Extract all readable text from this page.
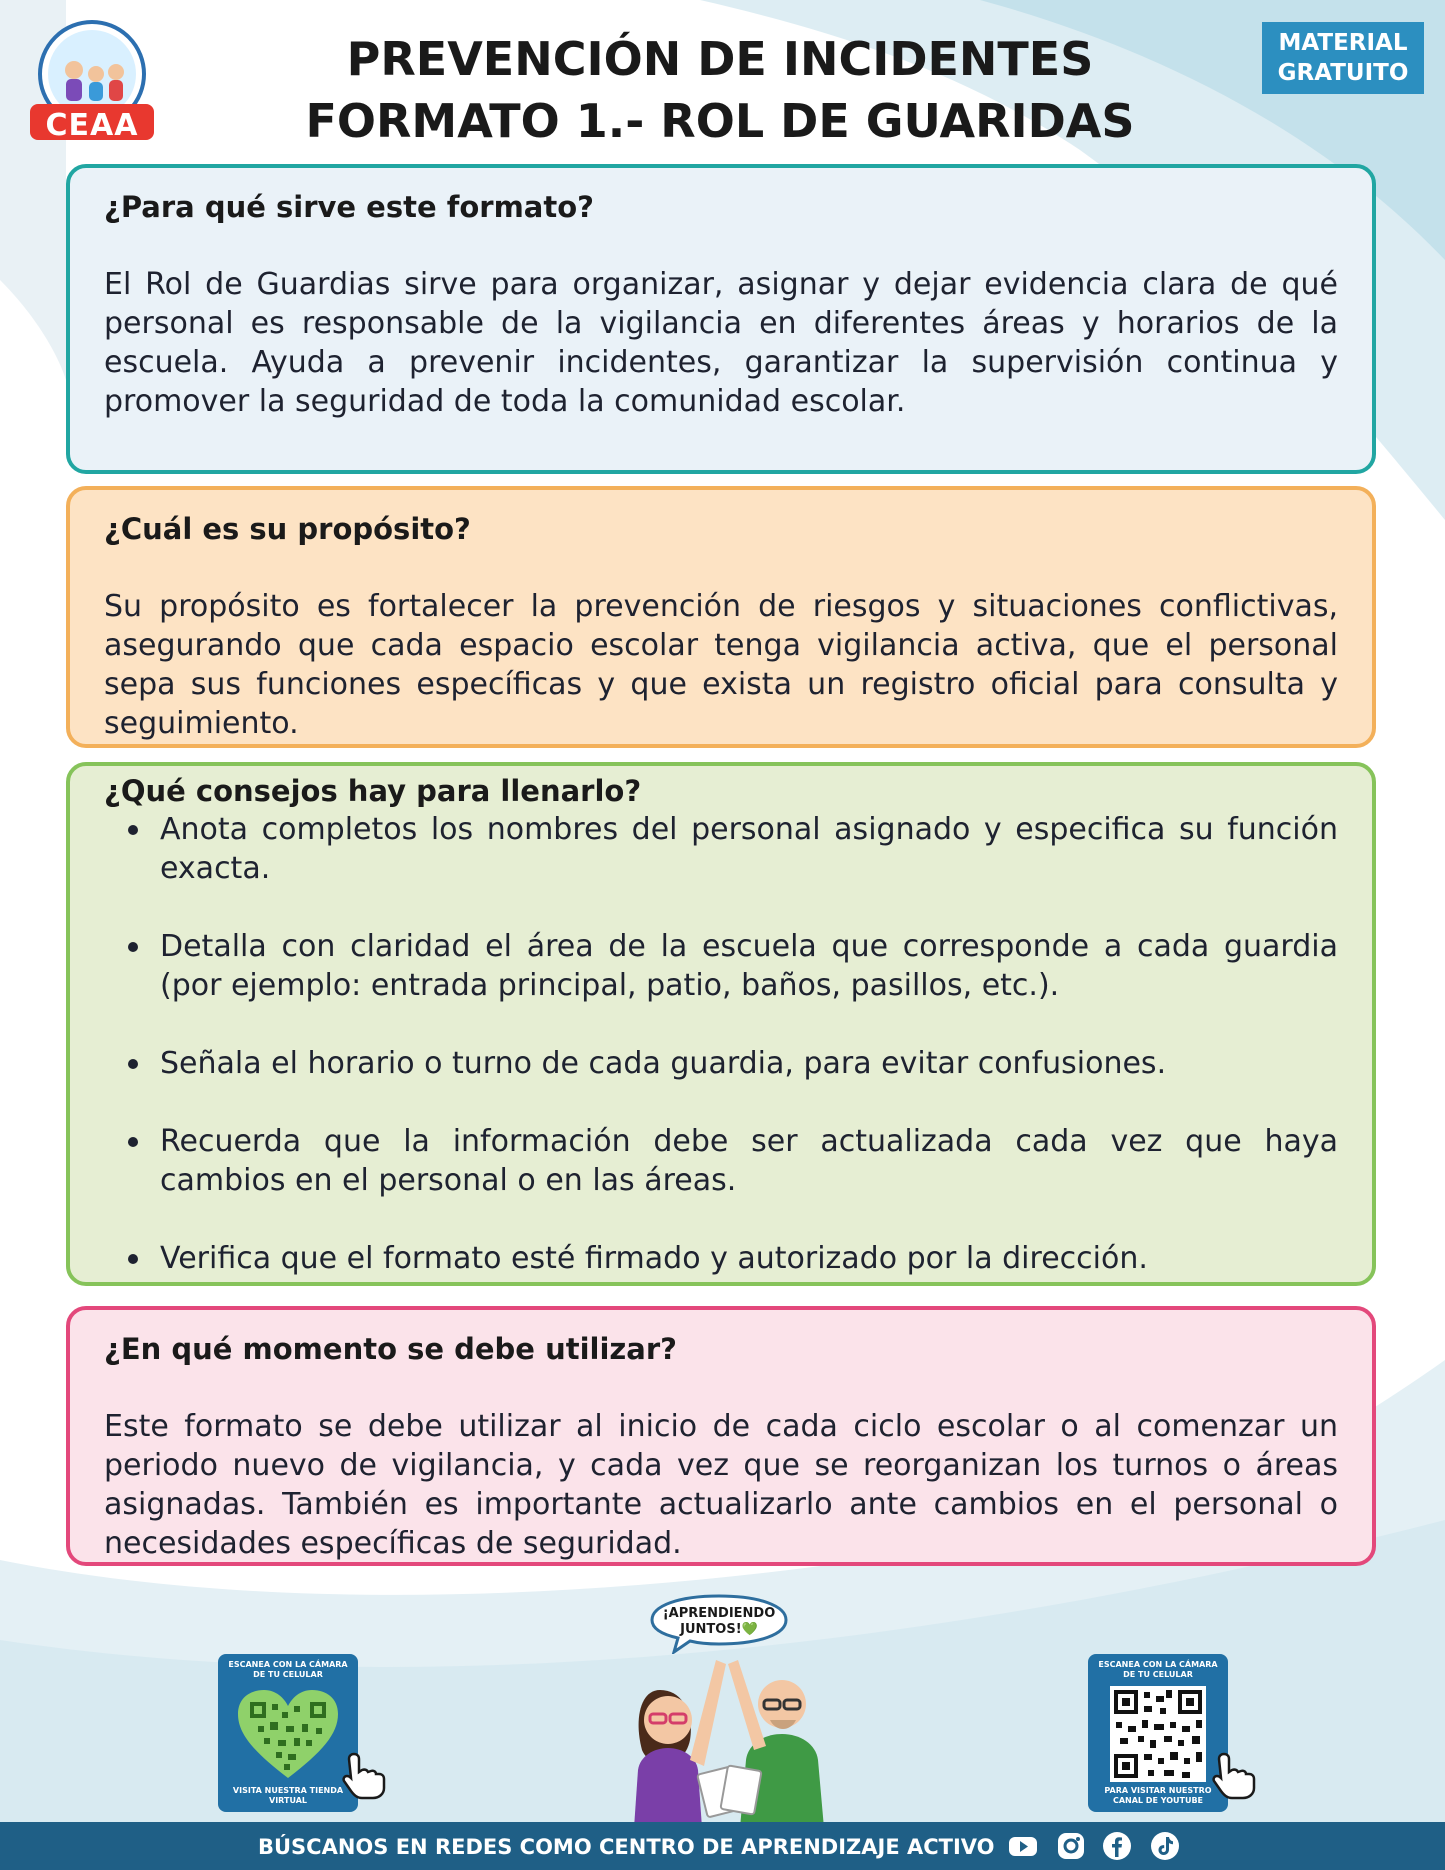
CEAA
PREVENCIÓN DE INCIDENTES
FORMATO 1.- ROL DE GUARIDAS
MATERIAL
GRATUITO
¿Para qué sirve este formato?

El Rol de Guardias sirve para organizar, asignar y dejar evidencia clara de qué personal es responsable de la vigilancia en diferentes áreas y horarios de la escuela. Ayuda a prevenir incidentes, garantizar la supervisión continua y promover la seguridad de toda la comunidad escolar.

¿Cuál es su propósito?

Su propósito es fortalecer la prevención de riesgos y situaciones conflictivas, asegurando que cada espacio escolar tenga vigilancia activa, que el personal sepa sus funciones específicas y que exista un registro oficial para consulta y seguimiento.

¿Qué consejos hay para llenarlo?
Anota completos los nombres del personal asignado y especifica su función exacta.
Detalla con claridad el área de la escuela que corresponde a cada guardia (por ejemplo: entrada principal, patio, baños, pasillos, etc.).
Señala el horario o turno de cada guardia, para evitar confusiones.
Recuerda que la información debe ser actualizada cada vez que haya cambios en el personal o en las áreas.
Verifica que el formato esté firmado y autorizado por la dirección.
¿En qué momento se debe utilizar?

Este formato se debe utilizar al inicio de cada ciclo escolar o al comenzar un periodo nuevo de vigilancia, y cada vez que se reorganizan los turnos o áreas asignadas. También es importante actualizarlo ante cambios en el personal o necesidades específicas de seguridad.

ESCANEA CON LA CÁMARA DE TU CELULAR
VISITA NUESTRA TIENDA VIRTUAL
¡APRENDIENDO JUNTOS!💚
ESCANEA CON LA CÁMARA DE TU CELULAR
PARA VISITAR NUESTRO CANAL DE YOUTUBE
BÚSCANOS EN REDES COMO CENTRO DE APRENDIZAJE ACTIVO
